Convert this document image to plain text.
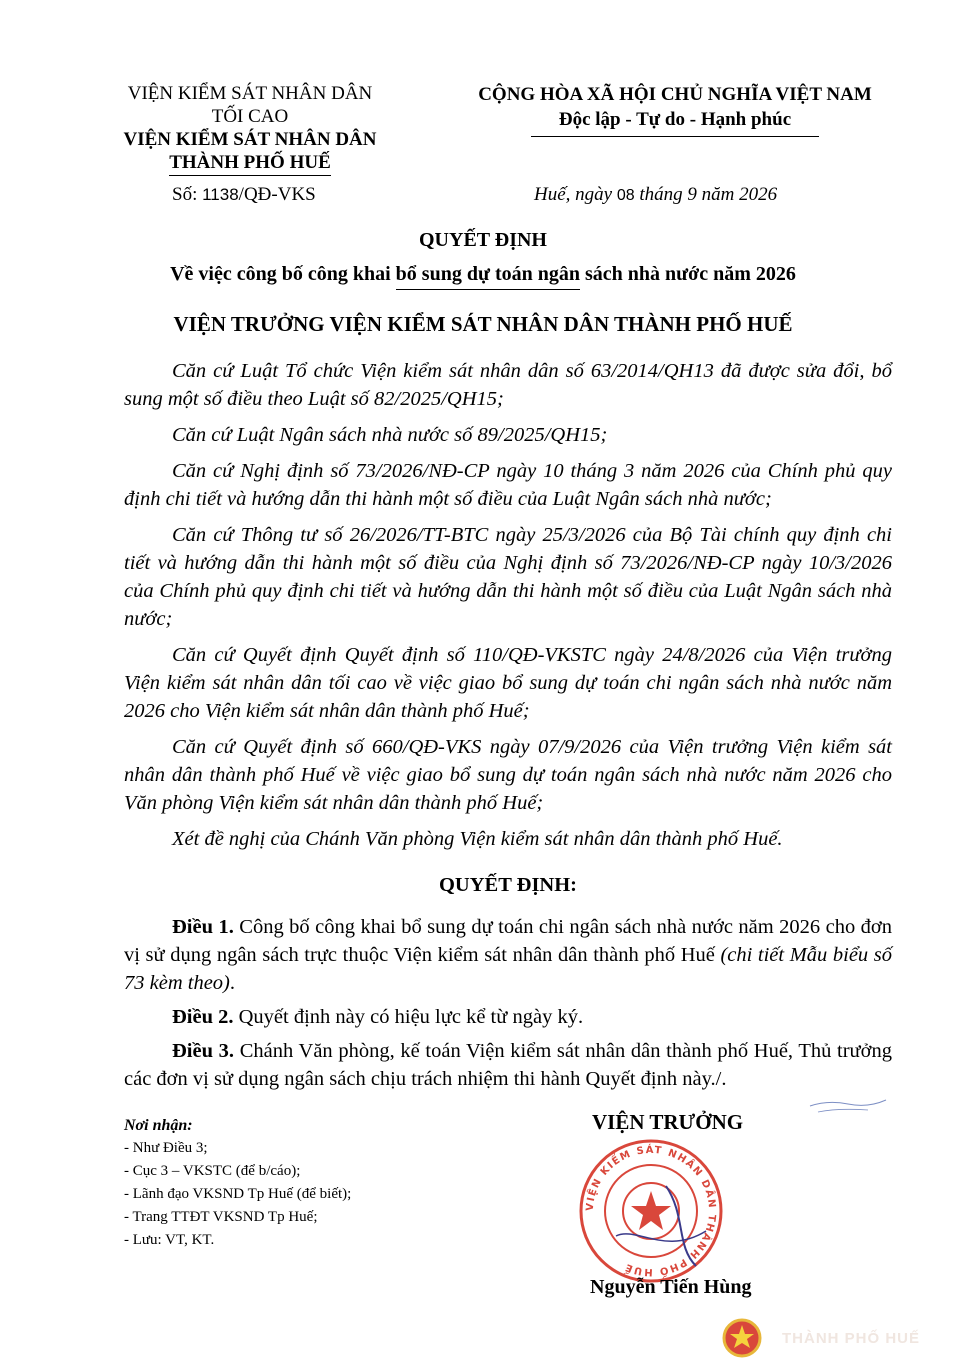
VIỆN KIỂM SÁT NHÂN DÂN
TỐI CAO
VIỆN KIỂM SÁT NHÂN DÂN
THÀNH PHỐ HUẾ
Số: 1138/QĐ-VKS
CỘNG HÒA XÃ HỘI CHỦ NGHĨA VIỆT NAM
Độc lập - Tự do - Hạnh phúc
Huế, ngày 08 tháng 9 năm 2026
QUYẾT ĐỊNH
Về việc công bố công khai bổ sung dự toán ngân sách nhà nước năm 2026
VIỆN TRƯỞNG VIỆN KIỂM SÁT NHÂN DÂN THÀNH PHỐ HUẾ

Căn cứ Luật Tổ chức Viện kiểm sát nhân dân số 63/2014/QH13 đã được sửa đổi, bổ sung một số điều theo Luật số 82/2025/QH15;

Căn cứ Luật Ngân sách nhà nước số 89/2025/QH15;

Căn cứ Nghị định số 73/2026/NĐ-CP ngày 10 tháng 3 năm 2026 của Chính phủ quy định chi tiết và hướng dẫn thi hành một số điều của Luật Ngân sách nhà nước;

Căn cứ Thông tư số 26/2026/TT-BTC ngày 25/3/2026 của Bộ Tài chính quy định chi tiết và hướng dẫn thi hành một số điều của Nghị định số 73/2026/NĐ-CP ngày 10/3/2026 của Chính phủ quy định chi tiết và hướng dẫn thi hành một số điều của Luật Ngân sách nhà nước;

Căn cứ Quyết định Quyết định số 110/QĐ-VKSTC ngày 24/8/2026 của Viện trưởng Viện kiểm sát nhân dân tối cao về việc giao bổ sung dự toán chi ngân sách nhà nước năm 2026 cho Viện kiểm sát nhân dân thành phố Huế;

Căn cứ Quyết định số 660/QĐ-VKS ngày 07/9/2026 của Viện trưởng Viện kiểm sát nhân dân thành phố Huế về việc giao bổ sung dự toán ngân sách nhà nước năm 2026 cho Văn phòng Viện kiểm sát nhân dân thành phố Huế;

Xét đề nghị của Chánh Văn phòng Viện kiểm sát nhân dân thành phố Huế.

QUYẾT ĐỊNH:

Điều 1. Công bố công khai bổ sung dự toán chi ngân sách nhà nước năm 2026 cho đơn vị sử dụng ngân sách trực thuộc Viện kiểm sát nhân dân thành phố Huế (chi tiết Mẫu biểu số 73 kèm theo).

Điều 2. Quyết định này có hiệu lực kể từ ngày ký.

Điều 3. Chánh Văn phòng, kế toán Viện kiểm sát nhân dân thành phố Huế, Thủ trưởng các đơn vị sử dụng ngân sách chịu trách nhiệm thi hành Quyết định này./.

Nơi nhận:
- Như Điều 3;
- Cục 3 – VKSTC (để b/cáo);
- Lãnh đạo VKSND Tp Huế (để biết);
- Trang TTĐT VKSND Tp Huế;
- Lưu: VT, KT.
VIỆN TRƯỞNG
VIỆN KIỂM SÁT NHÂN DÂN THÀNH PHỐ HUẾ
Nguyễn Tiến Hùng
THÀNH PHỐ HUẾ
